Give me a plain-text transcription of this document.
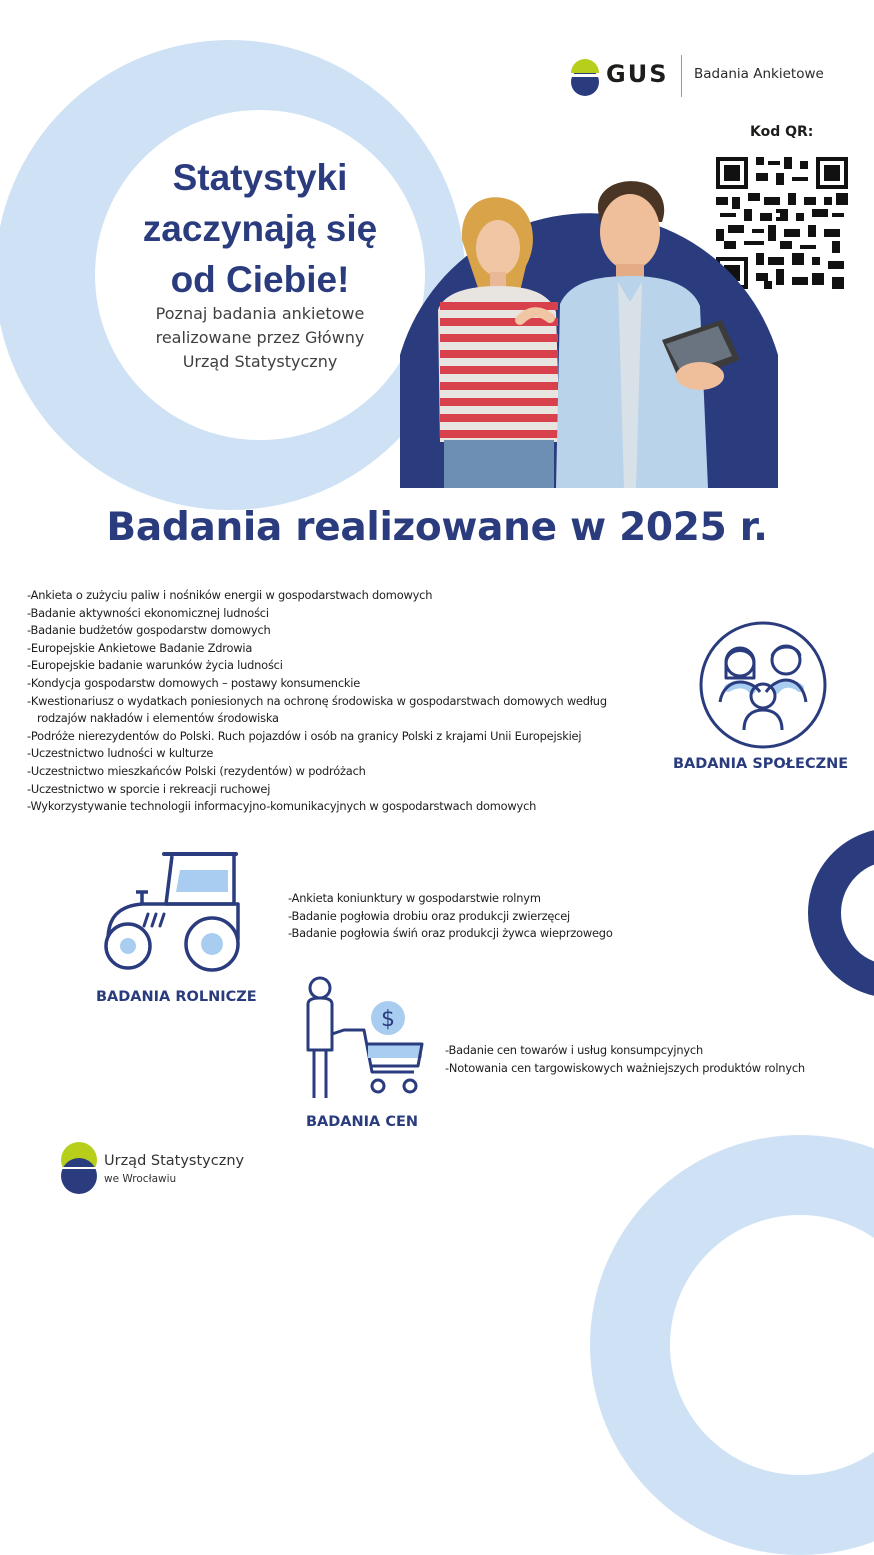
GUS Badania Ankietowe
Kod QR:
Statystyki
zaczynają się
od Ciebie!
Poznaj badania ankietowe
realizowane przez Główny
Urząd Statystyczny
Badania realizowane w 2025 r.
-Ankieta o zużyciu paliw i nośników energii w gospodarstwach domowych
-Badanie aktywności ekonomicznej ludności
-Badanie budżetów gospodarstw domowych
-Europejskie Ankietowe Badanie Zdrowia
-Europejskie badanie warunków życia ludności
-Kondycja gospodarstw domowych – postawy konsumenckie
-Kwestionariusz o wydatkach poniesionych na ochronę środowiska w gospodarstwach domowych według
rodzajów nakładów i elementów środowiska
-Podróże nierezydentów do Polski. Ruch pojazdów i osób na granicy Polski z krajami Unii Europejskiej
-Uczestnictwo ludności w kulturze
-Uczestnictwo mieszkańców Polski (rezydentów) w podróżach
-Uczestnictwo w sporcie i rekreacji ruchowej
-Wykorzystywanie technologii informacyjno-komunikacyjnych w gospodarstwach domowych
BADANIA SPOŁECZNE
BADANIA ROLNICZE
-Ankieta koniunktury w gospodarstwie rolnym
-Badanie pogłowia drobiu oraz produkcji zwierzęcej
-Badanie pogłowia świń oraz produkcji żywca wieprzowego
$
BADANIA CEN
-Badanie cen towarów i usług konsumpcyjnych
-Notowania cen targowiskowych ważniejszych produktów rolnych
Urząd Statystyczny
we Wrocławiu
